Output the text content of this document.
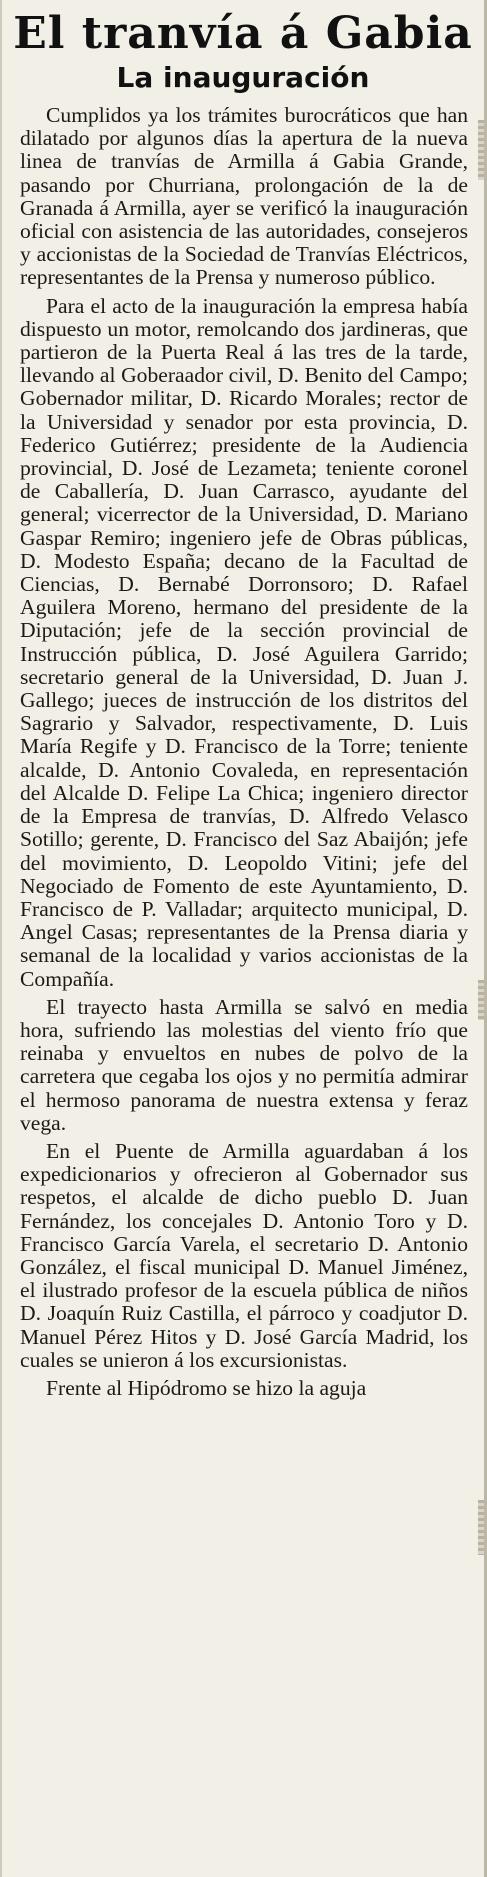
El tranvía á Gabia
La inauguración

Cumplidos ya los trámites burocráticos que han dilatado por algunos días la apertura de la nueva linea de tranvías de Armilla á Gabia Grande, pasando por Churriana, prolongación de la de Granada á Armilla, ayer se verificó la inauguración oficial con asistencia de las autoridades, consejeros y accionistas de la Sociedad de Tranvías Eléctricos, representantes de la Prensa y numeroso público.

Para el acto de la inauguración la empresa había dispuesto un motor, remolcando dos jardineras, que partieron de la Puerta Real á las tres de la tarde, llevando al Goberaador civil, D. Benito del Campo; Gobernador militar, D. Ricardo Morales; rector de la Universidad y senador por esta provincia, D. Federico Gutiérrez; presidente de la Audiencia provincial, D. José de Lezameta; teniente coronel de Caballería, D. Juan Carrasco, ayudante del general; vicerrector de la Universidad, D. Mariano Gaspar Remiro; ingeniero jefe de Obras públicas, D. Modesto España; decano de la Facultad de Ciencias, D. Bernabé Dorronsoro; D. Rafael Aguilera Moreno, hermano del presidente de la Diputación; jefe de la sección provincial de Instrucción pública, D. José Aguilera Garrido; secretario general de la Universidad, D. Juan J. Gallego; jueces de instrucción de los distritos del Sagrario y Salvador, respectivamente, D. Luis María Regife y D. Francisco de la Torre; teniente alcalde, D. Antonio Covaleda, en representación del Alcalde D. Felipe La Chica; ingeniero director de la Empresa de tranvías, D. Alfredo Velasco Sotillo; gerente, D. Francisco del Saz Abaijón; jefe del movimiento, D. Leopoldo Vitini; jefe del Negociado de Fomento de este Ayuntamiento, D. Francisco de P. Valladar; arquitecto municipal, D. Angel Casas; representantes de la Prensa diaria y semanal de la localidad y varios accionistas de la Compañía.

El trayecto hasta Armilla se salvó en media hora, sufriendo las molestias del viento frío que reinaba y envueltos en nubes de polvo de la carretera que cegaba los ojos y no permitía admirar el hermoso panorama de nuestra extensa y feraz vega.

En el Puente de Armilla aguardaban á los expedicionarios y ofrecieron al Gobernador sus respetos, el alcalde de dicho pueblo D. Juan Fernández, los concejales D. Antonio Toro y D. Francisco García Varela, el secretario D. Antonio González, el fiscal municipal D. Manuel Jiménez, el ilustrado profesor de la escuela pública de niños D. Joaquín Ruiz Castilla, el párroco y coadjutor D. Manuel Pérez Hitos y D. José García Madrid, los cuales se unieron á los excursionistas.

Frente al Hipódromo se hizo la aguja
